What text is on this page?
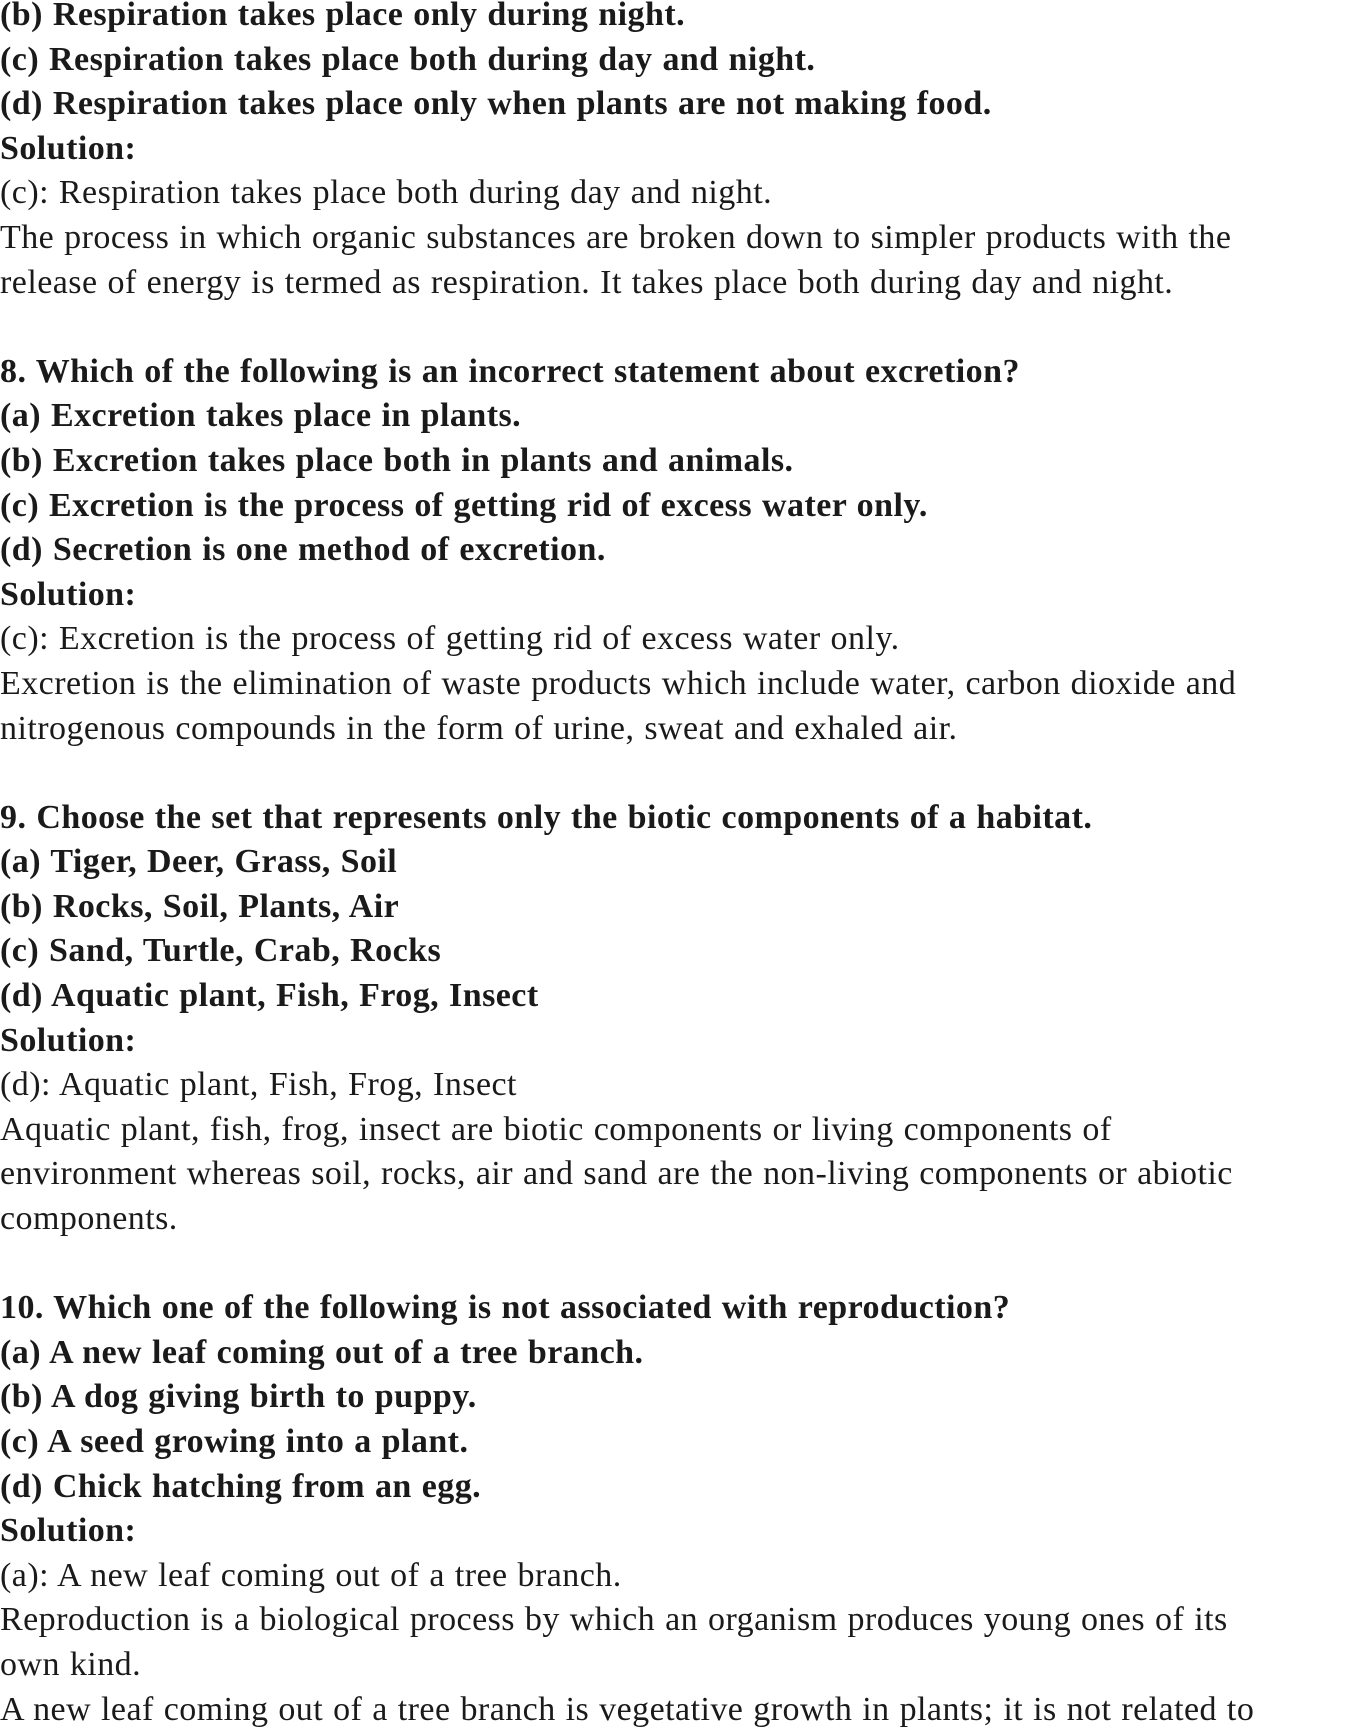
(b) Respiration takes place only during night.
(c) Respiration takes place both during day and night.
(d) Respiration takes place only when plants are not making food.
Solution:
(c): Respiration takes place both during day and night.
The process in which organic substances are broken down to simpler products with the
release of energy is termed as respiration. It takes place both during day and night.
8. Which of the following is an incorrect statement about excretion?
(a) Excretion takes place in plants.
(b) Excretion takes place both in plants and animals.
(c) Excretion is the process of getting rid of excess water only.
(d) Secretion is one method of excretion.
Solution:
(c): Excretion is the process of getting rid of excess water only.
Excretion is the elimination of waste products which include water, carbon dioxide and
nitrogenous compounds in the form of urine, sweat and exhaled air.
9. Choose the set that represents only the biotic components of a habitat.
(a) Tiger, Deer, Grass, Soil
(b) Rocks, Soil, Plants, Air
(c) Sand, Turtle, Crab, Rocks
(d) Aquatic plant, Fish, Frog, Insect
Solution:
(d): Aquatic plant, Fish, Frog, Insect
Aquatic plant, fish, frog, insect are biotic components or living components of
environment whereas soil, rocks, air and sand are the non-living components or abiotic
components.
10. Which one of the following is not associated with reproduction?
(a) A new leaf coming out of a tree branch.
(b) A dog giving birth to puppy.
(c) A seed growing into a plant.
(d) Chick hatching from an egg.
Solution:
(a): A new leaf coming out of a tree branch.
Reproduction is a biological process by which an organism produces young ones of its
own kind.
A new leaf coming out of a tree branch is vegetative growth in plants; it is not related to
